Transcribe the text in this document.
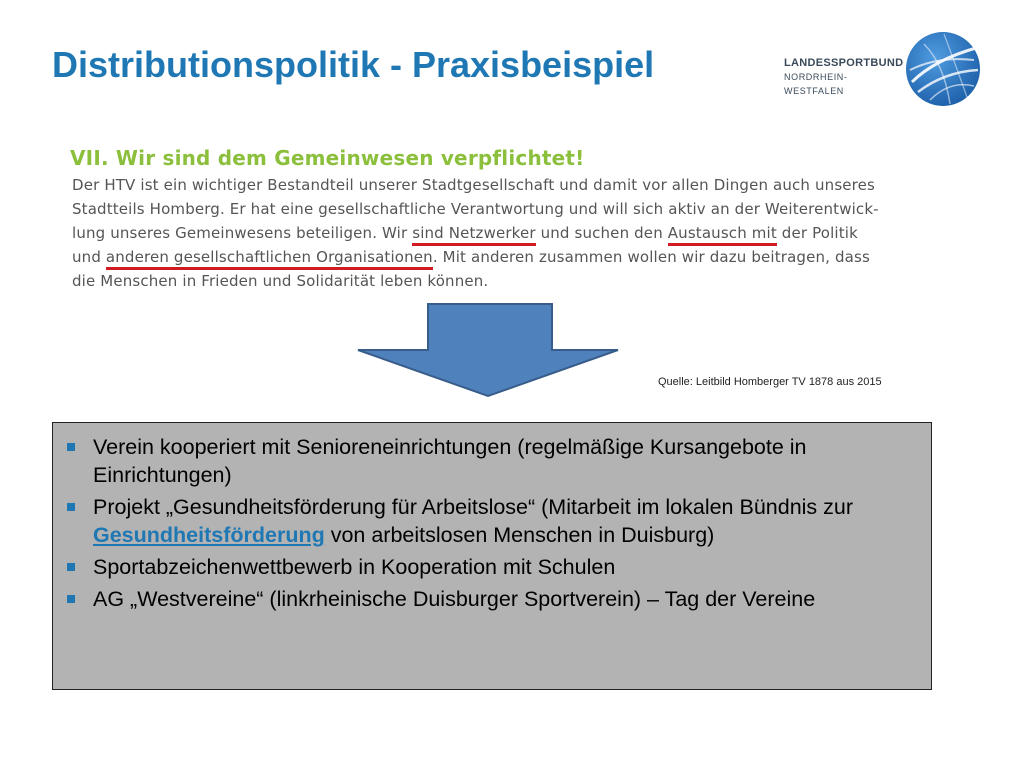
Distributionspolitik - Praxisbeispiel	LANDESSPORTBUND
NORDRHEIN-WESTFALEN
VII. Wir sind dem Gemeinwesen verpflichtet!
Der HTV ist ein wichtiger Bestandteil unserer Stadtgesellschaft und damit vor allen Dingen auch unseres
Stadtteils Homberg. Er hat eine gesellschaftliche Verantwortung und will sich aktiv an der Weiterentwick-
lung unseres Gemeinwesens beteiligen. Wir sind Netzwerker und suchen den Austausch mit der Politik
und anderen gesellschaftlichen Organisationen. Mit anderen zusammen wollen wir dazu beitragen, dass
die Menschen in Frieden und Solidarität leben können.
Quelle: Leitbild Homberger TV 1878 aus 2015
Verein kooperiert mit Senioreneinrichtungen (regelmäßige Kursangebote in Einrichtungen)
Projekt „Gesundheitsförderung für Arbeitslose“ (Mitarbeit im lokalen Bündnis zur Gesundheitsförderung von arbeitslosen Menschen in Duisburg)
Sportabzeichenwettbewerb in Kooperation mit Schulen
AG „Westvereine“ (linkrheinische Duisburger Sportverein) – Tag der Vereine
